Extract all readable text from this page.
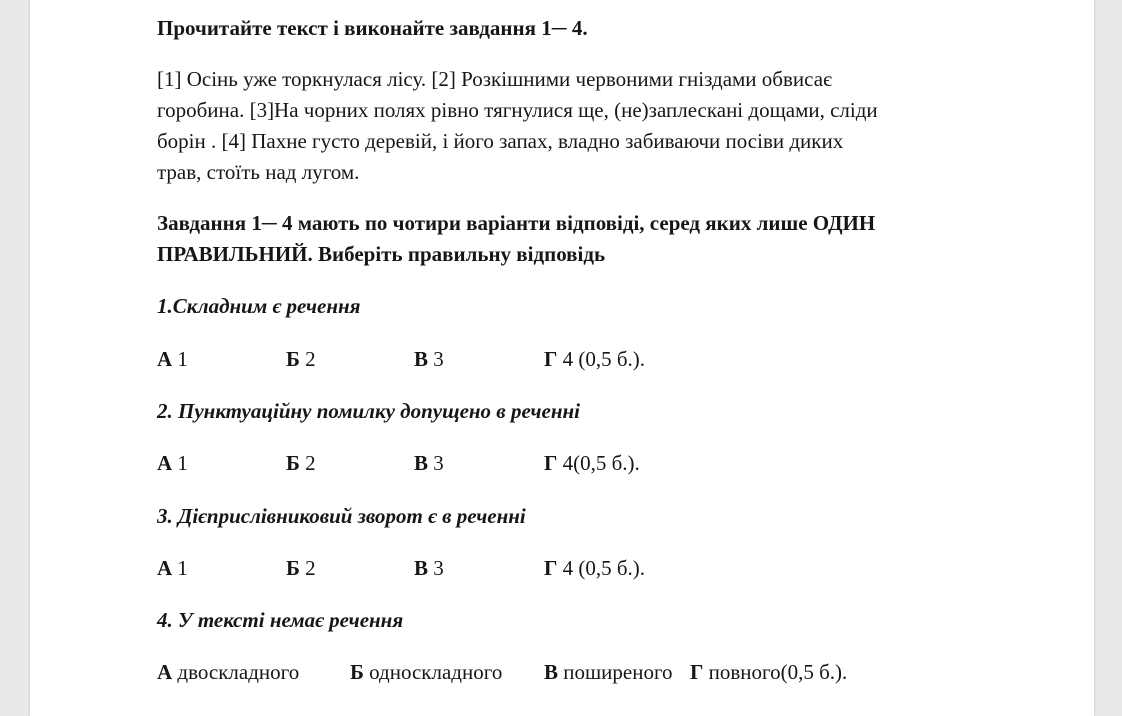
Прочитайте текст і виконайте завдання 1─ 4.
[1] Осінь уже торкнулася лісу. [2] Розкішними червоними гніздами обвисає
горобина. [3]На чорних полях рівно тягнулися ще, (не)заплескані дощами, сліди
борін . [4] Пахне густо деревій, і його запах, владно забиваючи посіви диких
трав, стоїть над лугом.
Завдання 1─ 4 мають по чотири варіанти відповіді, серед яких лише ОДИН
ПРАВИЛЬНИЙ. Виберіть правильну відповідь
1.Складним є речення
А 1	Б 2	В 3	Г 4 (0,5 б.).
2. Пунктуаційну помилку допущено в реченні
А 1	Б 2	В 3	Г 4(0,5 б.).
3. Дієприслівниковий зворот є в реченні
А 1	Б 2	В 3	Г 4 (0,5 б.).
4. У тексті немає речення
А двоскладного Б односкладного В поширеного Г повного(0,5 б.).
